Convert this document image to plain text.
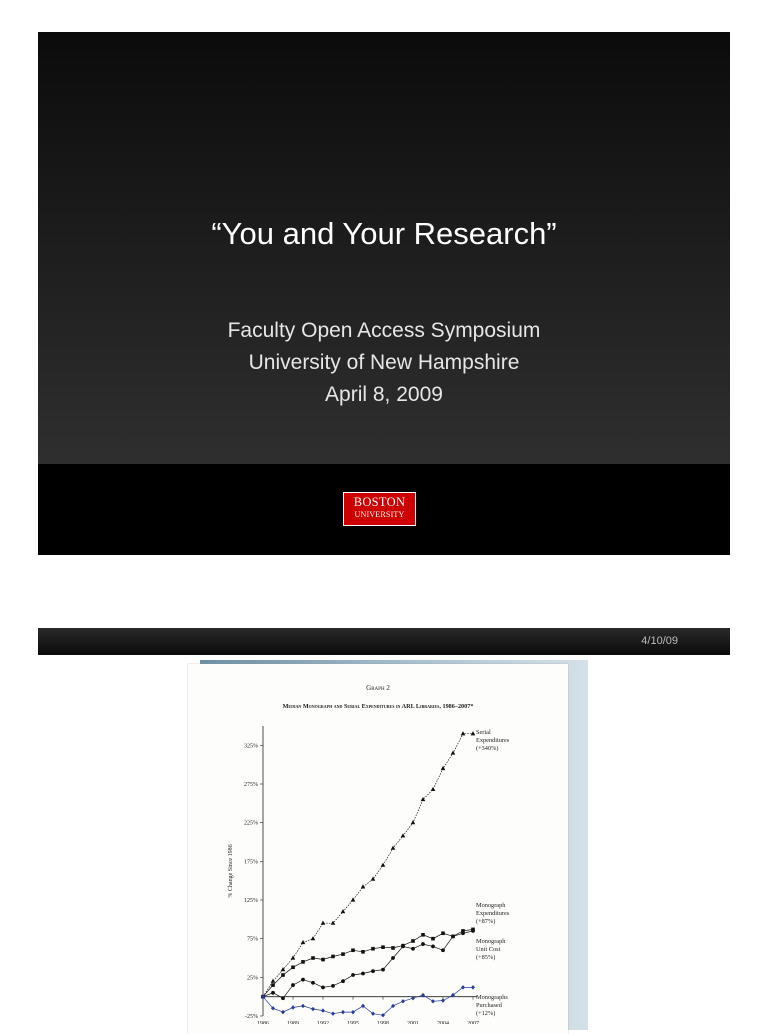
“You and Your Research”
Faculty Open Access Symposium
University of New Hampshire
April 8, 2009
BOSTON
UNIVERSITY
4/10/09
Graph 2
Median Monograph and Serial Expenditures in ARL Libraries, 1986–2007*
325%
275%
225%
175%
125%
75%
25%
-25%
1986	1989	1992	1995	1998	2001	2004	2007
% Change Since 1986
Serial
Expenditures
(+340%)
Monograph
Expenditures
(+87%)
Monograph
Unit Cost
(+85%)
Monographs
Purchased
(+12%)
